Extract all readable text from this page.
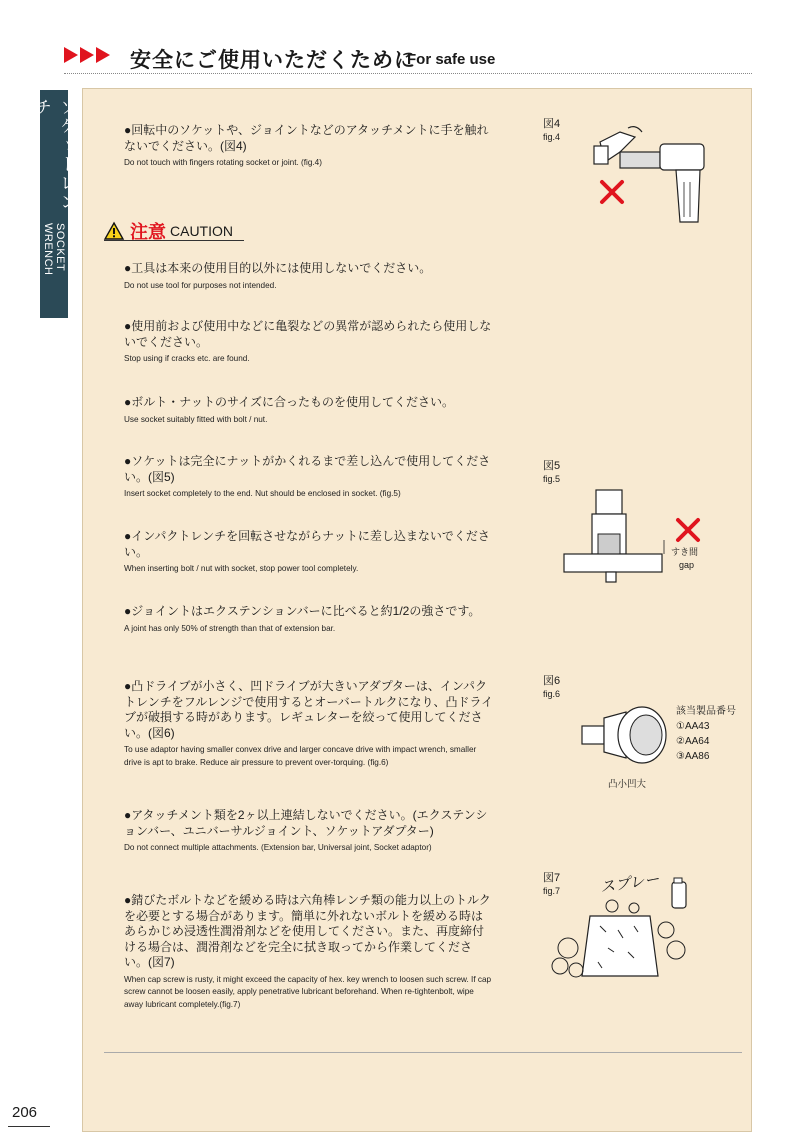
安全にご使用いただくために
For safe use
ソケットレンチ
SOCKET WRENCH
●回転中のソケットや、ジョイントなどのアタッチメントに手を触れないでください。(図4)
Do not touch with fingers rotating socket or joint. (fig.4)
注意 CAUTION
●工具は本来の使用目的以外には使用しないでください。
Do not use tool for purposes not intended.
●使用前および使用中などに亀裂などの異常が認められたら使用しないでください。
Stop using if cracks etc. are found.
●ボルト・ナットのサイズに合ったものを使用してください。
Use socket suitably fitted with bolt / nut.
●ソケットは完全にナットがかくれるまで差し込んで使用してください。(図5)
Insert socket completely to the end. Nut should be enclosed in socket. (fig.5)
●インパクトレンチを回転させながらナットに差し込まないでください。
When inserting bolt / nut with socket, stop power tool completely.
●ジョイントはエクステンションバーに比べると約1/2の強さです。
A joint has only 50% of strength than that of extension bar.
●凸ドライブが小さく、凹ドライブが大きいアダプターは、インパクトレンチをフルレンジで使用するとオーバートルクになり、凸ドライブが破損する時があります。レギュレターを絞って使用してください。(図6)
To use adaptor having smaller convex drive and larger concave drive with impact wrench, smaller drive is apt to brake. Reduce air pressure to prevent over-torquing. (fig.6)
●アタッチメント類を2ヶ以上連結しないでください。(エクステンションバー、ユニバーサルジョイント、ソケットアダプター)
Do not connect multiple attachments. (Extension bar, Universal joint, Socket adaptor)
●錆びたボルトなどを緩める時は六角棒レンチ類の能力以上のトルクを必要とする場合があります。簡単に外れないボルトを緩める時はあらかじめ浸透性潤滑剤などを使用してください。また、再度締付ける場合は、潤滑剤などを完全に拭き取ってから作業してください。(図7)
When cap screw is rusty, it might exceed the capacity of hex. key wrench to loosen such screw. If cap screw cannot be loosen easily, apply penetrative lubricant beforehand. When re-tightenbolt, wipe away lubricant completely.(fig.7)
図4
fig.4
図5
fig.5
すき間
gap
図6
fig.6
該当製品番号
①AA43
②AA64
③AA86
凸小凹大
図7
fig.7	スプレー
206
